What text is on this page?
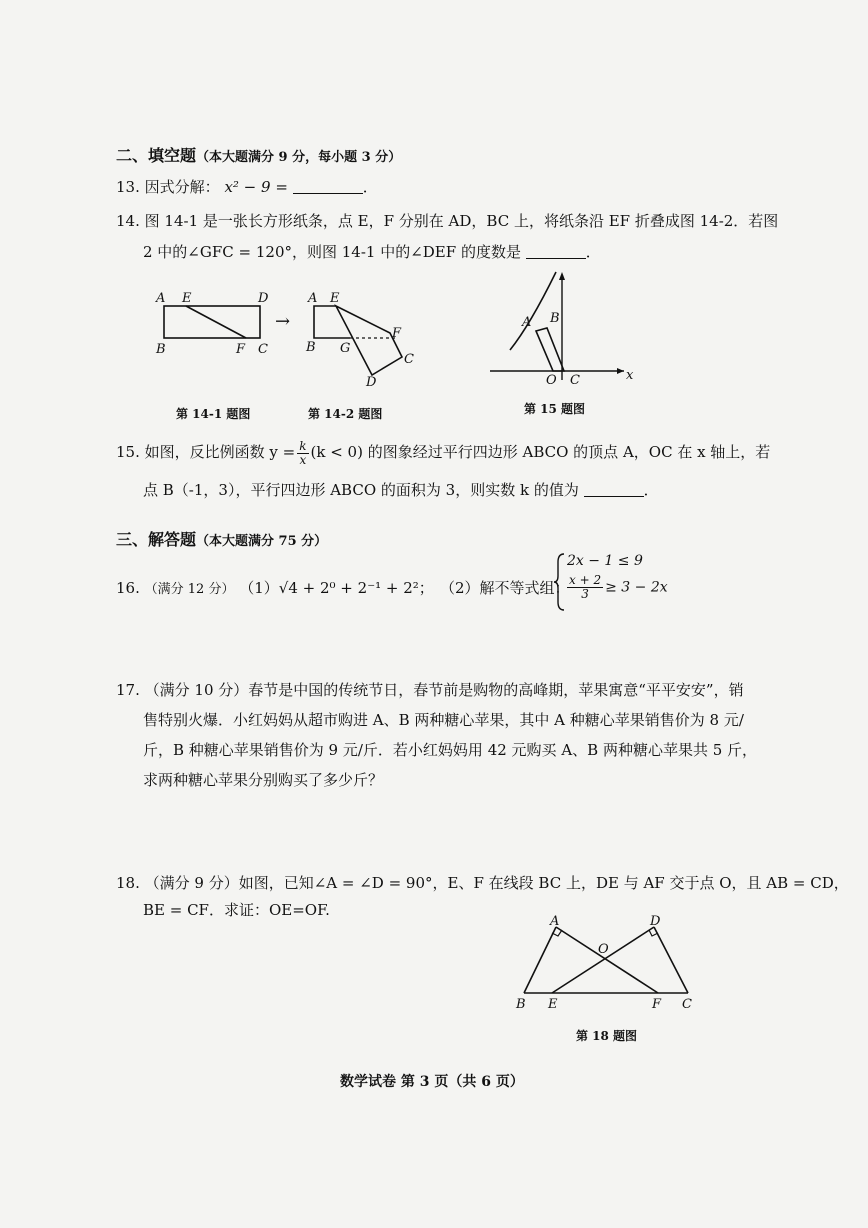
二、填空题（本大题满分 9 分，每小题 3 分）
13. 因式分解： x² − 9 =	．
14. 图 14-1 是一张长方形纸条，点 E，F 分别在 AD，BC 上，将纸条沿 EF 折叠成图 14-2．若图
2 中的∠GFC = 120°，则图 14-1 中的∠DEF 的度数是	．
A E	D
B	F C
→
A E
F
B G
C
D
A B
O C	x
第 14-1 题图	第 14-2 题图	第 15 题图
15. 如图，反比例函数 $y = \frac{k}{x} (k < 0)$ 的图象经过平行四边形 ABCO 的顶点 A，OC 在 x 轴上，若
点 B（-1，3），平行四边形 ABCO 的面积为 3，则实数 k 的值为	．
三、解答题（本大题满分 75 分）
16. （满分 12 分） （1）√4 + 2⁰ + 2⁻¹ + 2²； （2）解不等式组：
2x − 1 ≤ 9
$\frac{x + 2}{3} \ge 3 - 2x$
17. （满分 10 分）春节是中国的传统节日，春节前是购物的高峰期，苹果寓意“平平安安”，销
售特别火爆．小红妈妈从超市购进 A、B 两种糖心苹果，其中 A 种糖心苹果销售价为 8 元/
斤，B 种糖心苹果销售价为 9 元/斤．若小红妈妈用 42 元购买 A、B 两种糖心苹果共 5 斤，
求两种糖心苹果分别购买了多少斤？
18. （满分 9 分）如图，已知∠A = ∠D = 90°，E、F 在线段 BC 上，DE 与 AF 交于点 O，且 AB = CD，
BE = CF．求证：OE=OF.
A	D
O
B E	F C
第 18 题图
数学试卷 第 3 页（共 6 页）
